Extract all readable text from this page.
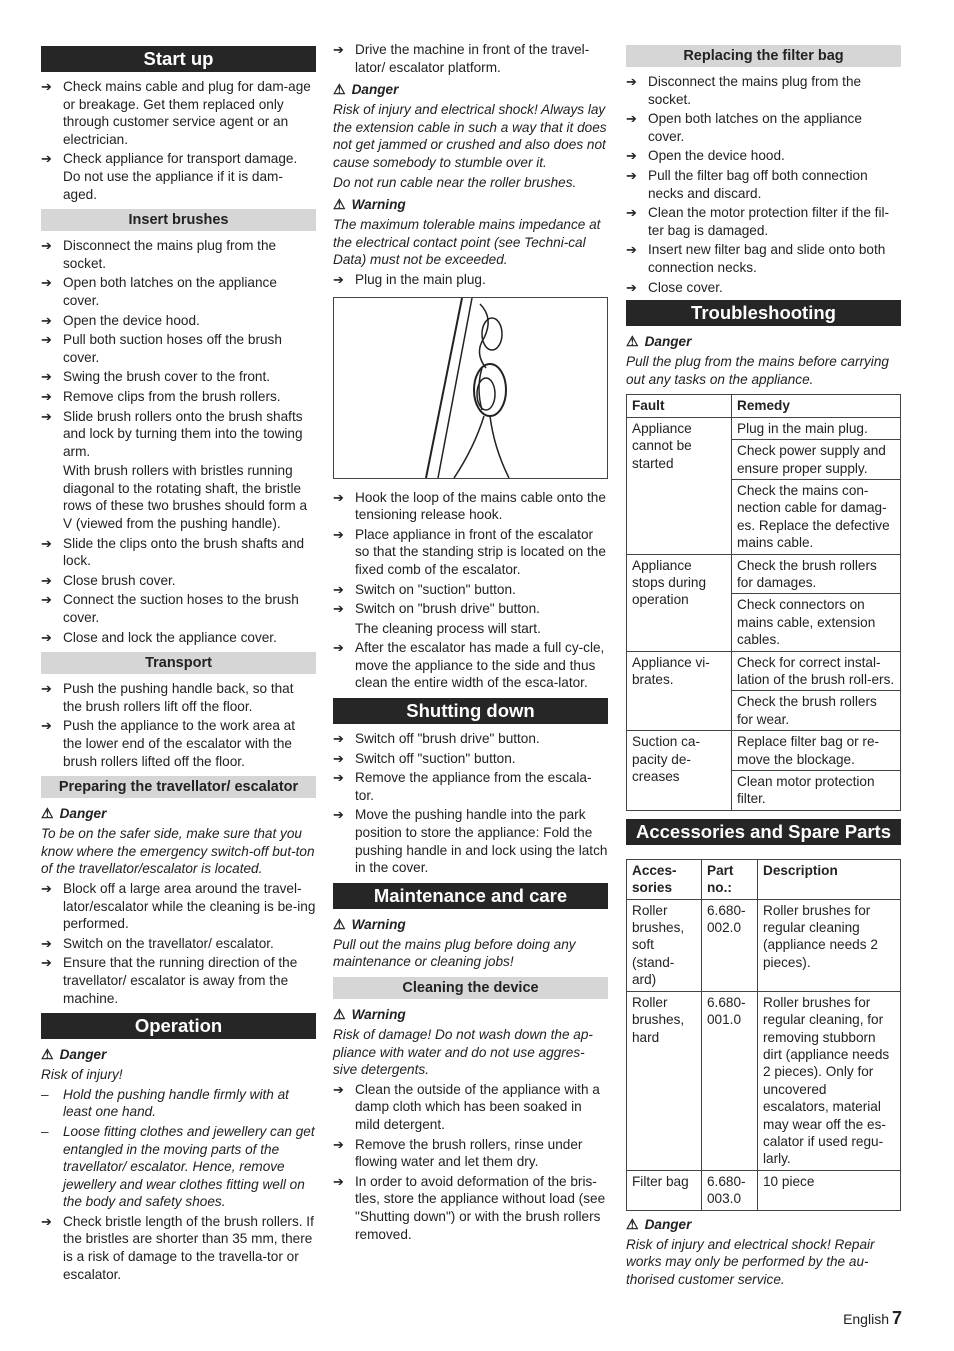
Start up
➔ Check mains cable and plug for dam-age or breakage. Get them replaced only through customer service agent or an electrician.
➔ Check appliance for transport damage. Do not use the appliance if it is dam-aged.
Insert brushes
➔ Disconnect the mains plug from the socket.
➔ Open both latches on the appliance cover.
➔ Open the device hood.
➔ Pull both suction hoses off the brush cover.
➔ Swing the brush cover to the front.
➔ Remove clips from the brush rollers.
➔ Slide brush rollers onto the brush shafts and lock by turning them into the towing arm.
With brush rollers with bristles running diagonal to the rotating shaft, the bristle rows of these two brushes should form a V (viewed from the pushing handle).
➔ Slide the clips onto the brush shafts and lock.
➔ Close brush cover.
➔ Connect the suction hoses to the brush cover.
➔ Close and lock the appliance cover.
Transport
➔ Push the pushing handle back, so that the brush rollers lift off the floor.
➔ Push the appliance to the work area at the lower end of the escalator with the brush rollers lifted off the floor.
Preparing the travellator/ escalator
⚠ Danger
To be on the safer side, make sure that you know where the emergency switch-off but-ton of the travellator/escalator is located.
➔ Block off a large area around the travel-lator/escalator while the cleaning is be-ing performed.
➔ Switch on the travellator/ escalator.
➔ Ensure that the running direction of the travellator/ escalator is away from the machine.
Operation
⚠ Danger
Risk of injury!
– Hold the pushing handle firmly with at least one hand.
– Loose fitting clothes and jewellery can get entangled in the moving parts of the travellator/ escalator. Hence, remove jewellery and wear clothes fitting well on the body and safety shoes.
➔ Check bristle length of the brush rollers. If the bristles are shorter than 35 mm, there is a risk of damage to the travella-tor or escalator.
➔ Drive the machine in front of the travel-lator/ escalator platform.
⚠ Danger
Risk of injury and electrical shock! Always lay the extension cable in such a way that it does not get jammed or crushed and also does not cause somebody to stumble over it.
Do not run cable near the roller brushes.
⚠ Warning
The maximum tolerable mains impedance at the electrical contact point (see Techni-cal Data) must not be exceeded.
➔ Plug in the main plug.
➔ Hook the loop of the mains cable onto the tensioning release hook.
➔ Place appliance in front of the escalator so that the standing strip is located on the fixed comb of the escalator.
➔ Switch on "suction" button.
➔ Switch on "brush drive" button.
The cleaning process will start.
➔ After the escalator has made a full cy-cle, move the appliance to the side and thus clean the entire width of the esca-lator.
Shutting down
➔ Switch off "brush drive" button.
➔ Switch off "suction" button.
➔ Remove the appliance from the escala-tor.
➔ Move the pushing handle into the park position to store the appliance: Fold the pushing handle in and lock using the latch in the cover.
Maintenance and care
⚠ Warning
Pull out the mains plug before doing any maintenance or cleaning jobs!
Cleaning the device
⚠ Warning
Risk of damage! Do not wash down the ap-pliance with water and do not use aggres-sive detergents.
➔ Clean the outside of the appliance with a damp cloth which has been soaked in mild detergent.
➔ Remove the brush rollers, rinse under flowing water and let them dry.
➔ In order to avoid deformation of the bris-tles, store the appliance without load (see "Shutting down") or with the brush rollers removed.
Replacing the filter bag
➔ Disconnect the mains plug from the socket.
➔ Open both latches on the appliance cover.
➔ Open the device hood.
➔ Pull the filter bag off both connection necks and discard.
➔ Clean the motor protection filter if the fil-ter bag is damaged.
➔ Insert new filter bag and slide onto both connection necks.
➔ Close cover.
Troubleshooting
⚠ Danger
Pull the plug from the mains before carrying out any tasks on the appliance.
Fault	Remedy
Appliance cannot be started	Plug in the main plug.
	Check power supply and ensure proper supply.
	Check the mains con-nection cable for damag-es. Replace the defective mains cable.
Appliance stops during operation	Check the brush rollers for damages.
	Check connectors on mains cable, extension cables.
Appliance vi-brates.	Check for correct instal-lation of the brush roll-ers.
	Check the brush rollers for wear.
Suction ca-pacity de-creases	Replace filter bag or re-move the blockage.
	Clean motor protection filter.
Accessories and Spare Parts
Acces-sories	Part no.:	Description
Roller brushes, soft (stand-ard)	6.680-002.0	Roller brushes for regular cleaning (appliance needs 2 pieces).
Roller brushes, hard	6.680-001.0	Roller brushes for regular cleaning, for removing stubborn dirt (appliance needs 2 pieces). Only for uncovered escalators, material may wear off the es-calator if used regu-larly.
Filter bag	6.680-003.0	10 piece
⚠ Danger
Risk of injury and electrical shock! Repair works may only be performed by the au-thorised customer service.
English 7
